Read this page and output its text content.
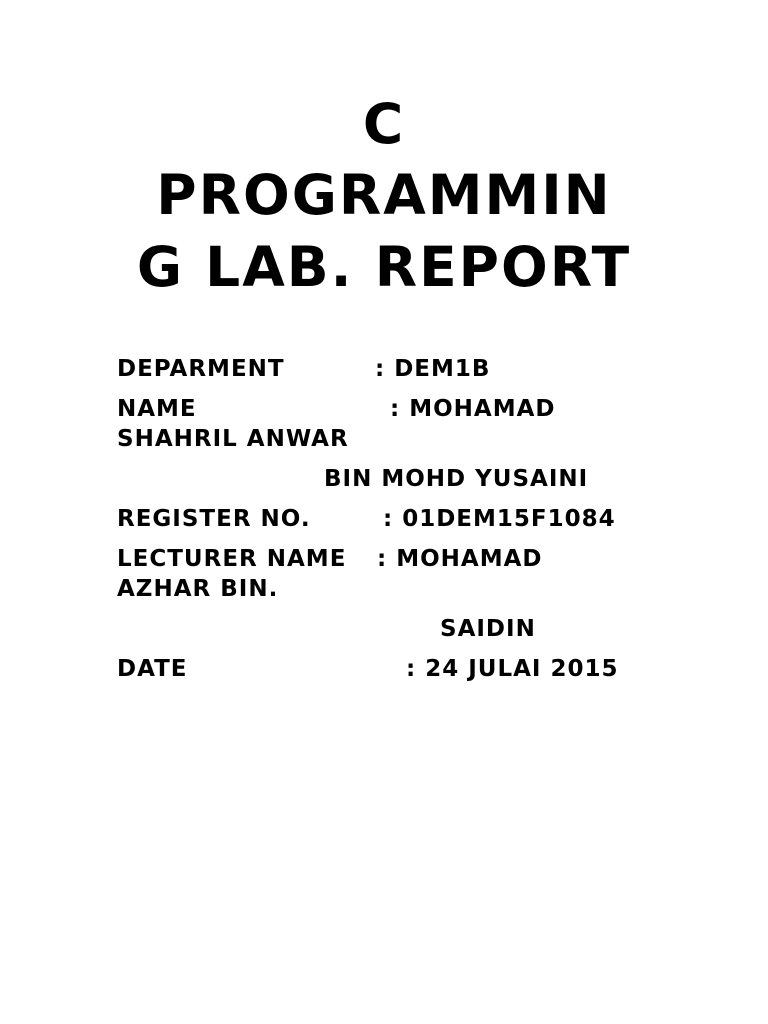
C
PROGRAMMIN
G LAB. REPORT
DEPARMENT	: DEM1B
NAME	: MOHAMAD
SHAHRIL ANWAR
BIN MOHD YUSAINI
REGISTER NO.	: 01DEM15F1084
LECTURER NAME : MOHAMAD
AZHAR BIN.
SAIDIN
DATE	: 24 JULAI 2015
